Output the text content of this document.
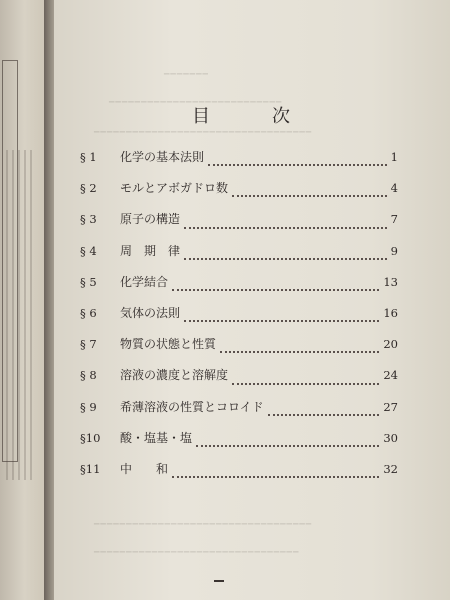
━━━━━━━
━━━━━━━━━━━━━━━━━━━━━━━━━━━
━━━━━━━━━━━━━━━━━━━━━━━━━━━━━━━━━━
━━━━━━━━━━━━━━━━━━━━━━━━━━━━━━━━━━
━━━━━━━━━━━━━━━━━━━━━━━━━━━━━━━━
目　次
§ 1	化学の基本法則	1
§ 2	モルとアボガドロ数	4
§ 3	原子の構造	7
§ 4	周　期　律	9
§ 5	化学結合	13
§ 6	気体の法則	16
§ 7	物質の状態と性質	20
§ 8	溶液の濃度と溶解度	24
§ 9	希薄溶液の性質とコロイド	27
§10	酸・塩基・塩	30
§11	中　　和	32
